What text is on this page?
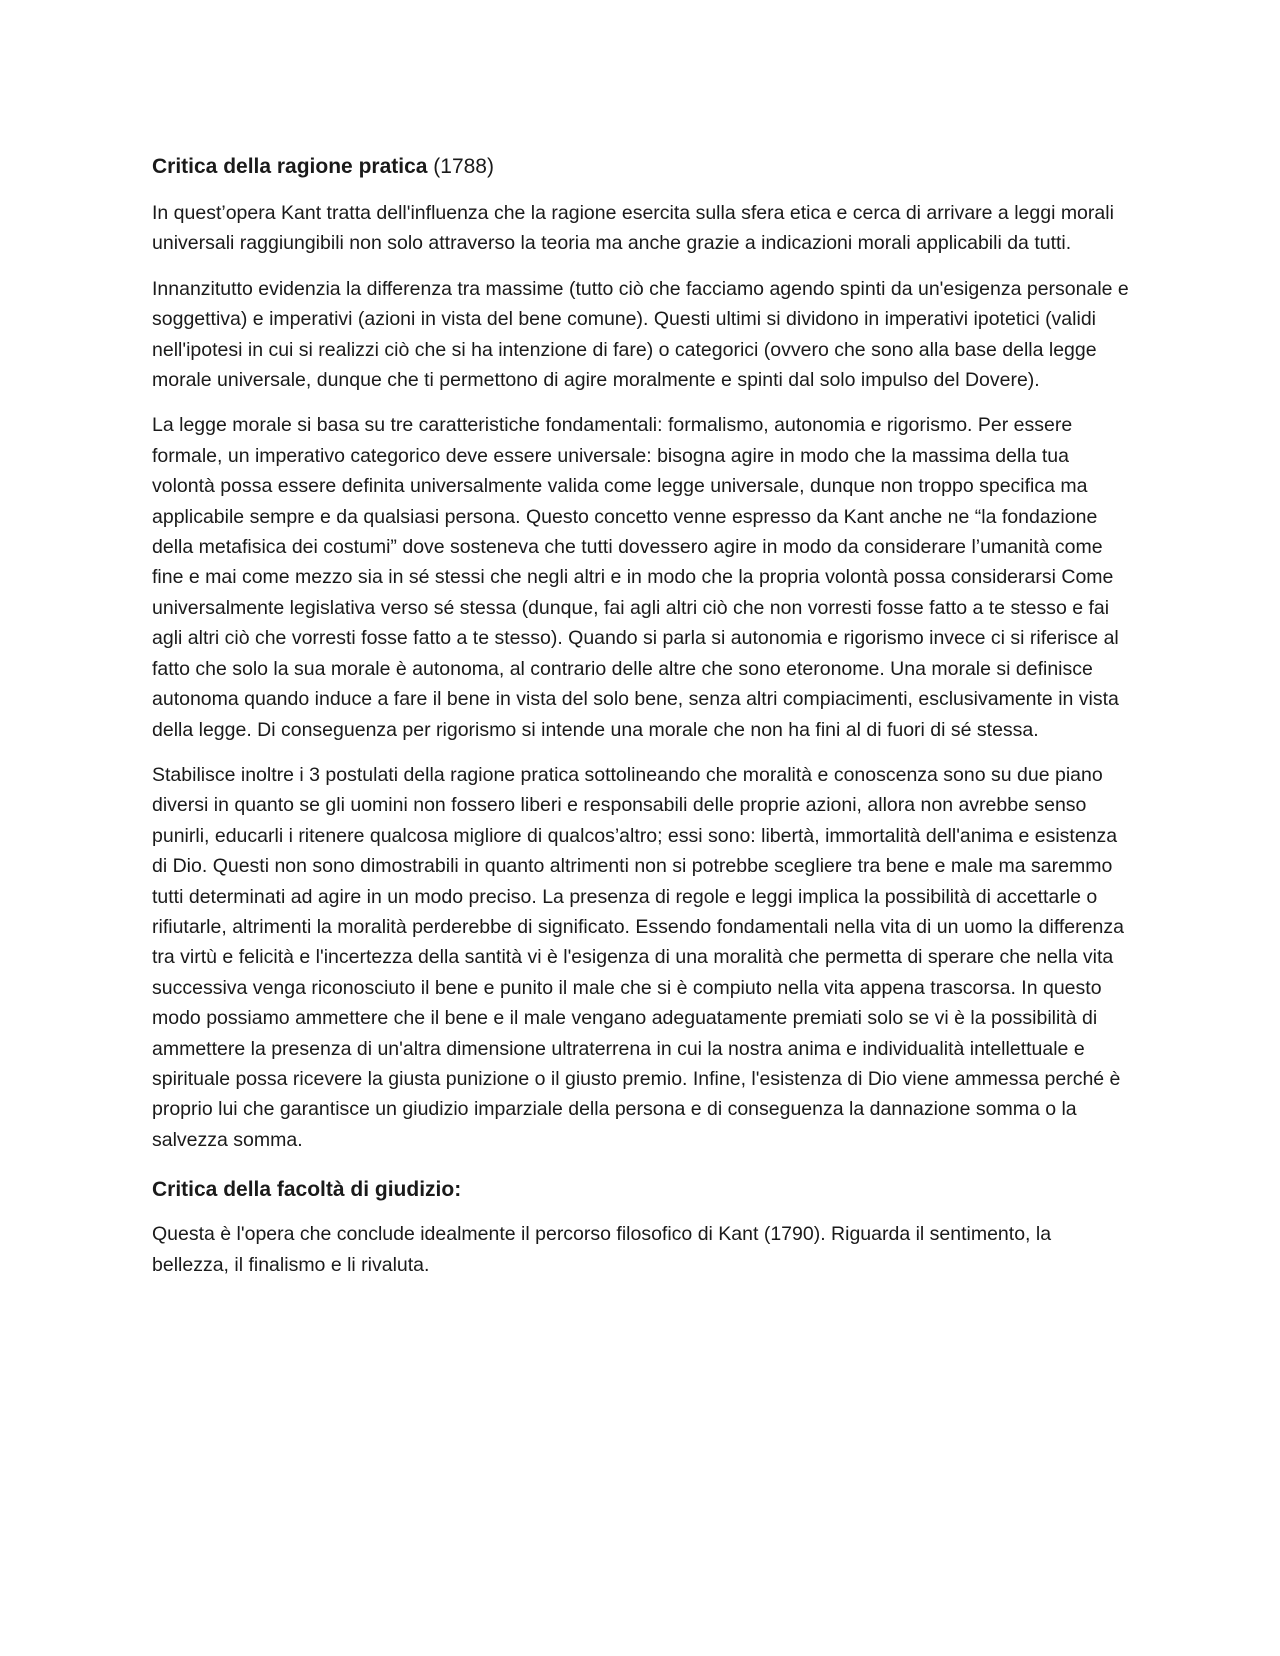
Critica della ragione pratica (1788)

In quest’opera Kant tratta dell'influenza che la ragione esercita sulla sfera etica e cerca di arrivare a leggi morali universali raggiungibili non solo attraverso la teoria ma anche grazie a indicazioni morali applicabili da tutti.

Innanzitutto evidenzia la differenza tra massime (tutto ciò che facciamo agendo spinti da un'esigenza personale e soggettiva) e imperativi (azioni in vista del bene comune). Questi ultimi si dividono in imperativi ipotetici (validi nell'ipotesi in cui si realizzi ciò che si ha intenzione di fare) o categorici (ovvero che sono alla base della legge morale universale, dunque che ti permettono di agire moralmente e spinti dal solo impulso del Dovere).

La legge morale si basa su tre caratteristiche fondamentali: formalismo, autonomia e rigorismo. Per essere formale, un imperativo categorico deve essere universale: bisogna agire in modo che la massima della tua volontà possa essere definita universalmente valida come legge universale, dunque non troppo specifica ma applicabile sempre e da qualsiasi persona. Questo concetto venne espresso da Kant anche ne “la fondazione della metafisica dei costumi” dove sosteneva che tutti dovessero agire in modo da considerare l’umanità come fine e mai come mezzo sia in sé stessi che negli altri e in modo che la propria volontà possa considerarsi Come universalmente legislativa verso sé stessa (dunque, fai agli altri ciò che non vorresti fosse fatto a te stesso e fai agli altri ciò che vorresti fosse fatto a te stesso). Quando si parla si autonomia e rigorismo invece ci si riferisce al fatto che solo la sua morale è autonoma, al contrario delle altre che sono eteronome. Una morale si definisce autonoma quando induce a fare il bene in vista del solo bene, senza altri compiacimenti, esclusivamente in vista della legge. Di conseguenza per rigorismo si intende una morale che non ha fini al di fuori di sé stessa.

Stabilisce inoltre i 3 postulati della ragione pratica sottolineando che moralità e conoscenza sono su due piano diversi in quanto se gli uomini non fossero liberi e responsabili delle proprie azioni, allora non avrebbe senso punirli, educarli i ritenere qualcosa migliore di qualcos’altro; essi sono: libertà, immortalità dell'anima e esistenza di Dio. Questi non sono dimostrabili in quanto altrimenti non si potrebbe scegliere tra bene e male ma saremmo tutti determinati ad agire in un modo preciso. La presenza di regole e leggi implica la possibilità di accettarle o rifiutarle, altrimenti la moralità perderebbe di significato. Essendo fondamentali nella vita di un uomo la differenza tra virtù e felicità e l'incertezza della santità vi è l'esigenza di una moralità che permetta di sperare che nella vita successiva venga riconosciuto il bene e punito il male che si è compiuto nella vita appena trascorsa. In questo modo possiamo ammettere che il bene e il male vengano adeguatamente premiati solo se vi è la possibilità di ammettere la presenza di un'altra dimensione ultraterrena in cui la nostra anima e individualità intellettuale e spirituale possa ricevere la giusta punizione o il giusto premio. Infine, l'esistenza di Dio viene ammessa perché è proprio lui che garantisce un giudizio imparziale della persona e di conseguenza la dannazione somma o la salvezza somma.

Critica della facoltà di giudizio:

Questa è l'opera che conclude idealmente il percorso filosofico di Kant (1790). Riguarda il sentimento, la bellezza, il finalismo e li rivaluta.
